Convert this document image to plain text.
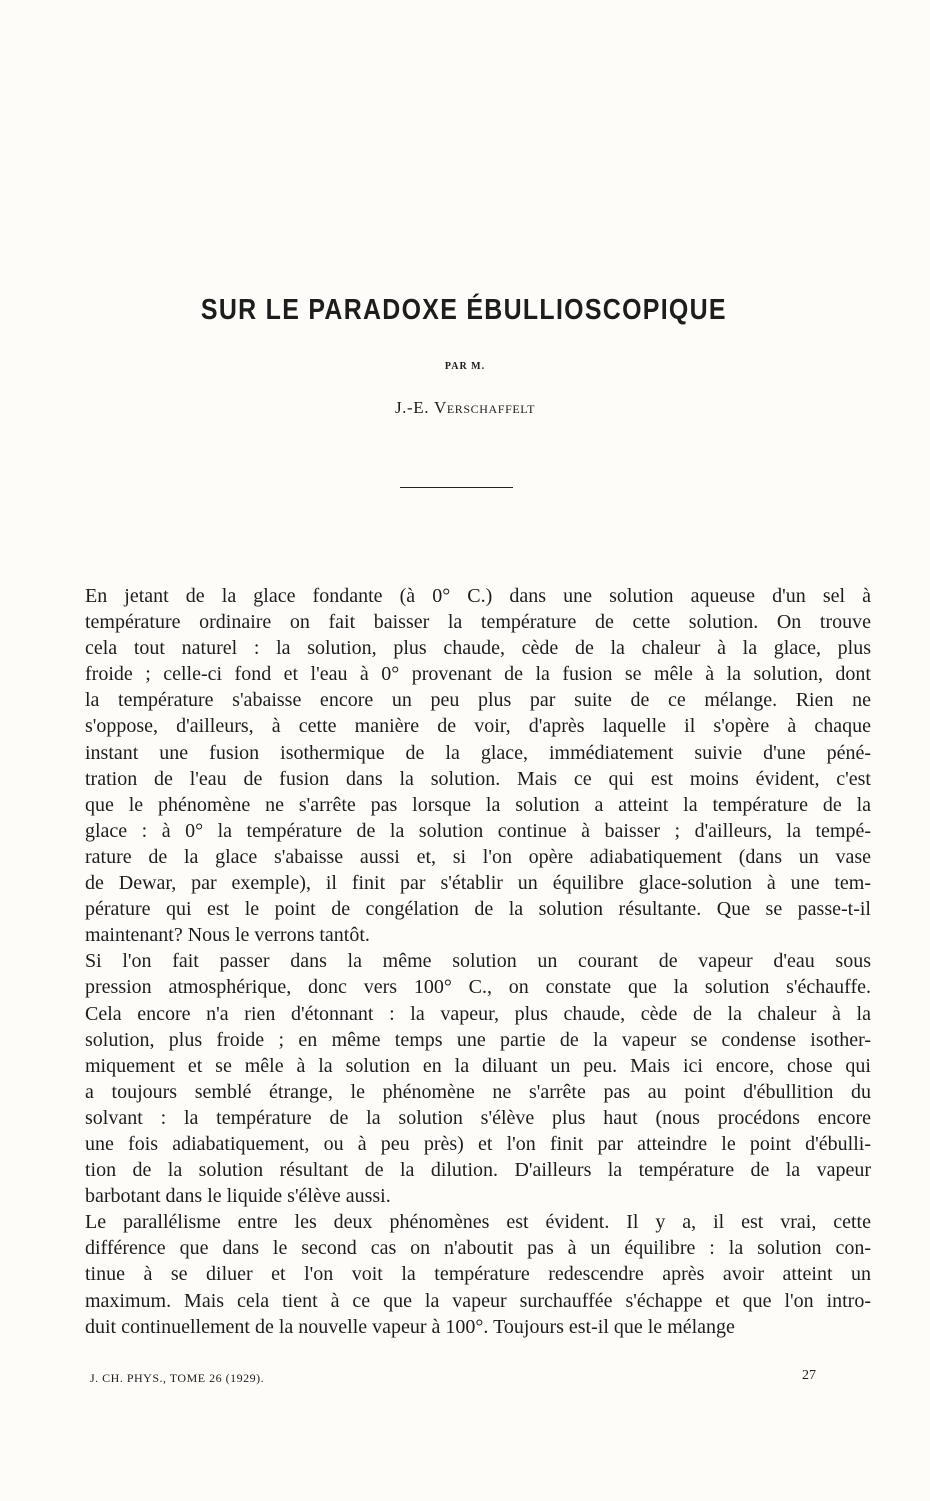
SUR LE PARADOXE ÉBULLIOSCOPIQUE
PAR M.
J.-E. Verschaffelt

En jetant de la glace fondante (à 0° C.) dans une solution aqueuse d'un sel à
température ordinaire on fait baisser la température de cette solution. On trouve
cela tout naturel : la solution, plus chaude, cède de la chaleur à la glace, plus
froide ; celle-ci fond et l'eau à 0° provenant de la fusion se mêle à la solution, dont
la température s'abaisse encore un peu plus par suite de ce mélange. Rien ne
s'oppose, d'ailleurs, à cette manière de voir, d'après laquelle il s'opère à chaque
instant une fusion isothermique de la glace, immédiatement suivie d'une péné-
tration de l'eau de fusion dans la solution. Mais ce qui est moins évident, c'est
que le phénomène ne s'arrête pas lorsque la solution a atteint la température de la
glace : à 0° la température de la solution continue à baisser ; d'ailleurs, la tempé-
rature de la glace s'abaisse aussi et, si l'on opère adiabatiquement (dans un vase
de Dewar, par exemple), il finit par s'établir un équilibre glace-solution à une tem-
pérature qui est le point de congélation de la solution résultante. Que se passe-t-il
maintenant? Nous le verrons tantôt.

Si l'on fait passer dans la même solution un courant de vapeur d'eau sous
pression atmosphérique, donc vers 100° C., on constate que la solution s'échauffe.
Cela encore n'a rien d'étonnant : la vapeur, plus chaude, cède de la chaleur à la
solution, plus froide ; en même temps une partie de la vapeur se condense isother-
miquement et se mêle à la solution en la diluant un peu. Mais ici encore, chose qui
a toujours semblé étrange, le phénomène ne s'arrête pas au point d'ébullition du
solvant : la température de la solution s'élève plus haut (nous procédons encore
une fois adiabatiquement, ou à peu près) et l'on finit par atteindre le point d'ébulli-
tion de la solution résultant de la dilution. D'ailleurs la température de la vapeur
barbotant dans le liquide s'élève aussi.

Le parallélisme entre les deux phénomènes est évident. Il y a, il est vrai, cette
différence que dans le second cas on n'aboutit pas à un équilibre : la solution con-
tinue à se diluer et l'on voit la température redescendre après avoir atteint un
maximum. Mais cela tient à ce que la vapeur surchauffée s'échappe et que l'on intro-
duit continuellement de la nouvelle vapeur à 100°. Toujours est-il que le mélange

J. CH. PHYS., TOME 26 (1929).	27
